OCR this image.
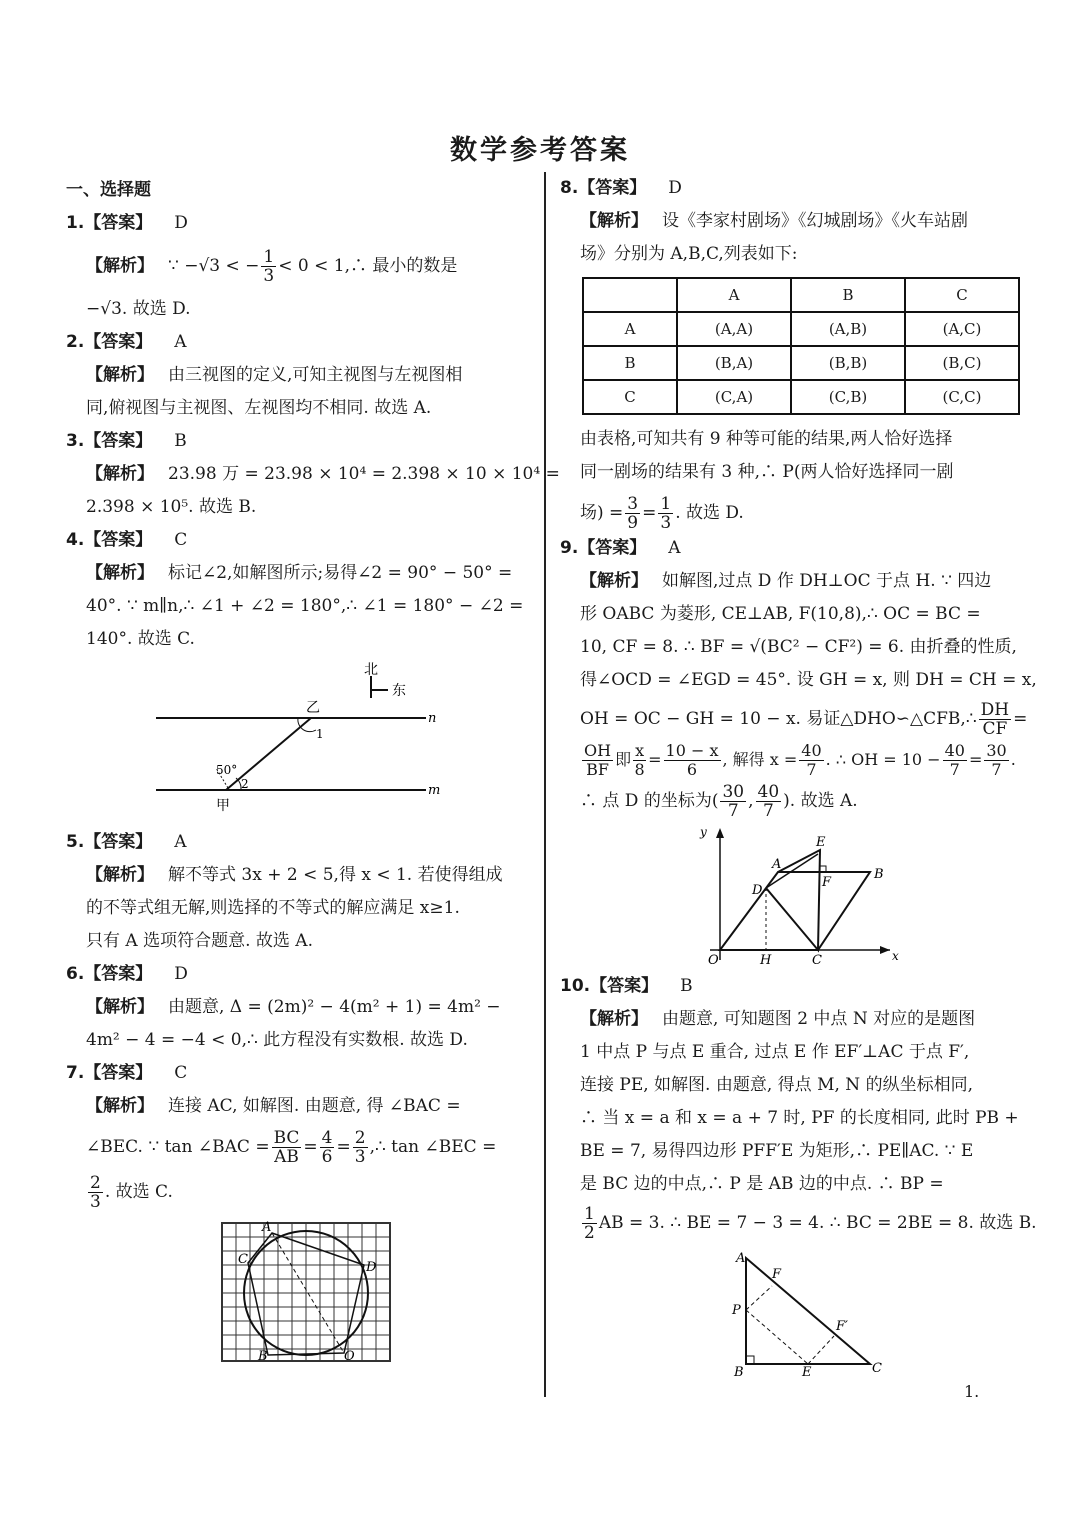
数学参考答案
一、选择题
1.【答案】 D
【解析】 ∵ −√3 < − $\frac{1}{3} < 0$ < 1,∴ 最小的数是
−√3. 故选 D.
2.【答案】 A
【解析】 由三视图的定义,可知主视图与左视图相
同,俯视图与主视图、左视图均不相同. 故选 A.
3.【答案】 B
【解析】 23.98 万 = 23.98 × 10⁴ = 2.398 × 10 × 10⁴ =
2.398 × 10⁵. 故选 B.
4.【答案】 C
【解析】 标记∠2,如解图所示;易得∠2 = 90° − 50° =
40°. ∵ m∥n,∴ ∠1 + ∠2 = 180°,∴ ∠1 = 180° − ∠2 =
140°. 故选 C.
北
东
乙
甲
n
m
1
2
50°
5.【答案】 A
【解析】 解不等式 3x + 2 < 5,得 x < 1. 若使得组成
的不等式组无解,则选择的不等式的解应满足 x≥1.
只有 A 选项符合题意. 故选 A.
6.【答案】 D
【解析】 由题意, Δ = (2m)² − 4(m² + 1) = 4m² −
4m² − 4 = −4 < 0,∴ 此方程没有实数根. 故选 D.
7.【答案】 C
【解析】 连接 AC, 如解图. 由题意, 得 ∠BAC =
∠BEC. ∵ tan ∠BAC = $\frac{BC}{AB} = \frac{4}{6} = \frac{2}{3}$ ,∴ tan ∠BEC =
$\frac{2}{3}$ . 故选 C.
A
B
C
D
O
8.【答案】 D
【解析】 设《李家村剧场》《幻城剧场》《火车站剧
场》分别为 A,B,C,列表如下:
	A	B	C
A	(A,A)	(A,B)	(A,C)
B	(B,A)	(B,B)	(B,C)
C	(C,A)	(C,B)	(C,C)
由表格,可知共有 9 种等可能的结果,两人恰好选择
同一剧场的结果有 3 种,∴ P(两人恰好选择同一剧
场) = $\frac{3}{9} = \frac{1}{3}$ . 故选 D.
9.【答案】 A
【解析】 如解图,过点 D 作 DH⊥OC 于点 H. ∵ 四边
形 OABC 为菱形, CE⊥AB, F(10,8),∴ OC = BC =
10, CF = 8. ∴ BF = √(BC² − CF²) = 6. 由折叠的性质,
得∠OCD = ∠EGD = 45°. 设 GH = x, 则 DH = CH = x,
OH = OC − GH = 10 − x. 易证△DHO∽△CFB,∴ $\frac{DH}{CF}$ =
$\frac{OH}{BF}$ 即 $\frac{x}{8} = \frac{10 - x}{6}$ , 解得 $x = \frac{40}{7}$ . ∴ OH = $10 - \frac{40}{7} = \frac{30}{7}$ .
∴ 点 D 的坐标为( $\frac{30}{7}$ , $\frac{40}{7}$ ). 故选 A.
y
x
E
A
B
F
D
O	H	C
10.【答案】 B
【解析】 由题意, 可知题图 2 中点 N 对应的是题图
1 中点 P 与点 E 重合, 过点 E 作 EF′⊥AC 于点 F′,
连接 PE, 如解图. 由题意, 得点 M, N 的纵坐标相同,
∴ 当 x = a 和 x = a + 7 时, PF 的长度相同, 此时 PB +
BE = 7, 易得四边形 PFF′E 为矩形,∴ PE∥AC. ∵ E
是 BC 边的中点,∴ P 是 AB 边的中点. ∴ BP =
$\frac{1}{2}$ AB = 3. ∴ BE = 7 − 3 = 4. ∴ BC = 2BE = 8. 故选 B.
A
F
P
F′
B	E	C
1.
